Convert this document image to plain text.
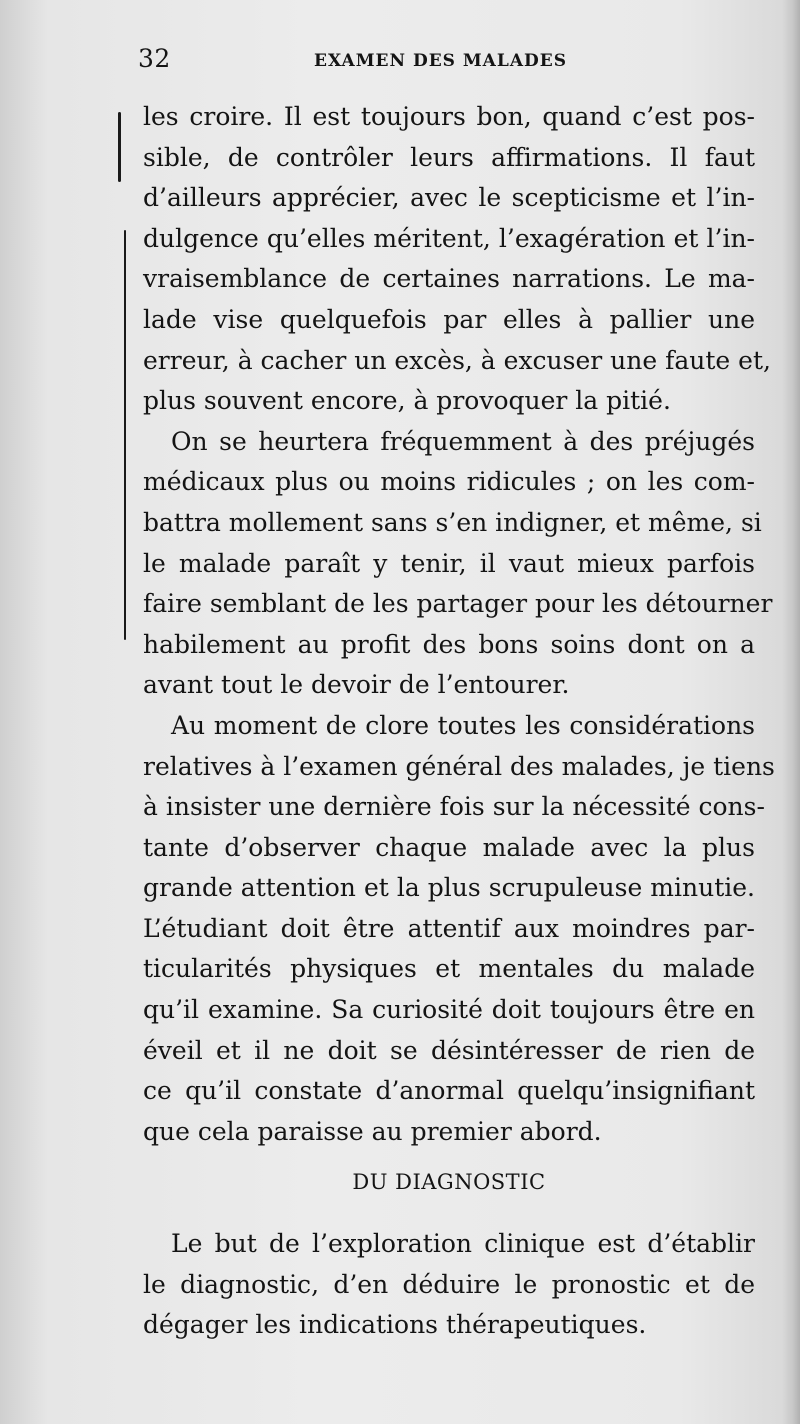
32	EXAMEN DES MALADES
les croire. Il est toujours bon, quand c’est pos-
sible, de contrôler leurs affirmations. Il faut
d’ailleurs apprécier, avec le scepticisme et l’in-
dulgence qu’elles méritent, l’exagération et l’in-
vraisemblance de certaines narrations. Le ma-
lade vise quelquefois par elles à pallier une
erreur, à cacher un excès, à excuser une faute et,
plus souvent encore, à provoquer la pitié.
On se heurtera fréquemment à des préjugés
médicaux plus ou moins ridicules ; on les com-
battra mollement sans s’en indigner, et même, si
le malade paraît y tenir, il vaut mieux parfois
faire semblant de les partager pour les détourner
habilement au profit des bons soins dont on a
avant tout le devoir de l’entourer.
Au moment de clore toutes les considérations
relatives à l’examen général des malades, je tiens
à insister une dernière fois sur la nécessité cons-
tante d’observer chaque malade avec la plus
grande attention et la plus scrupuleuse minutie.
L’étudiant doit être attentif aux moindres par-
ticularités physiques et mentales du malade
qu’il examine. Sa curiosité doit toujours être en
éveil et il ne doit se désintéresser de rien de
ce qu’il constate d’anormal quelqu’insignifiant
que cela paraisse au premier abord.
DU DIAGNOSTIC
Le but de l’exploration clinique est d’établir
le diagnostic, d’en déduire le pronostic et de
dégager les indications thérapeutiques.
